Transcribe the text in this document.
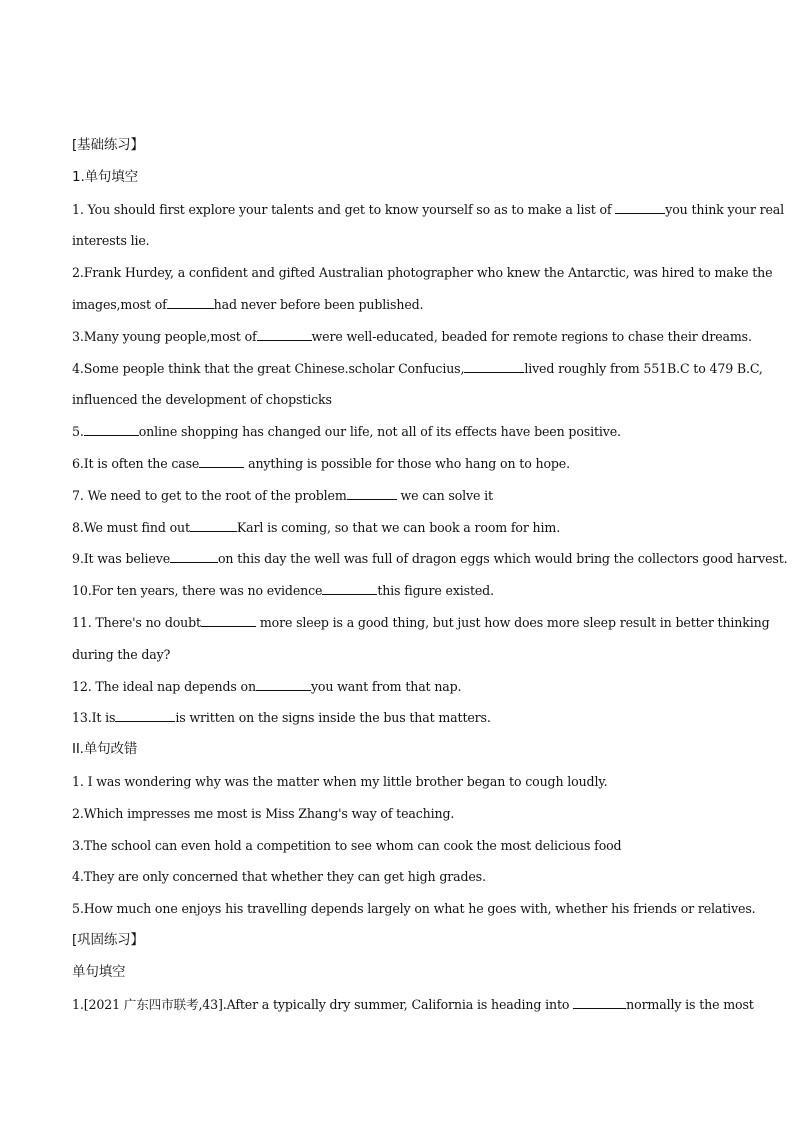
[基础练习】
1.单句填空
1. You should first explore your talents and get to know yourself so as to make a list of	you think your real
interests lie.
2.Frank Hurdey, a confident and gifted Australian photographer who knew the Antarctic, was hired to make the
images,most of	had never before been published.
3.Many young people,most of	were well-educated, beaded for remote regions to chase their dreams.
4.Some people think that the great Chinese.scholar Confucius,	lived roughly from 551B.C to 479 B.C,
influenced the development of chopsticks
5.	online shopping has changed our life, not all of its effects have been positive.
6.It is often the case	anything is possible for those who hang on to hope.
7. We need to get to the root of the problem	we can solve it
8.We must find out	Karl is coming, so that we can book a room for him.
9.It was believe	on this day the well was full of dragon eggs which would bring the collectors good harvest.
10.For ten years, there was no evidence	this figure existed.
11. There's no doubt	more sleep is a good thing, but just how does more sleep result in better thinking
during the day?
12. The ideal nap depends on	you want from that nap.
13.It is	is written on the signs inside the bus that matters.
II.单句改错
1. I was wondering why was the matter when my little brother began to cough loudly.
2.Which impresses me most is Miss Zhang's way of teaching.
3.The school can even hold a competition to see whom can cook the most delicious food
4.They are only concerned that whether they can get high grades.
5.How much one enjoys his travelling depends largely on what he goes with, whether his friends or relatives.
[巩固练习】
单句填空
1.[2021 广东四市联考,43].After a typically dry summer, California is heading into	normally is the most
